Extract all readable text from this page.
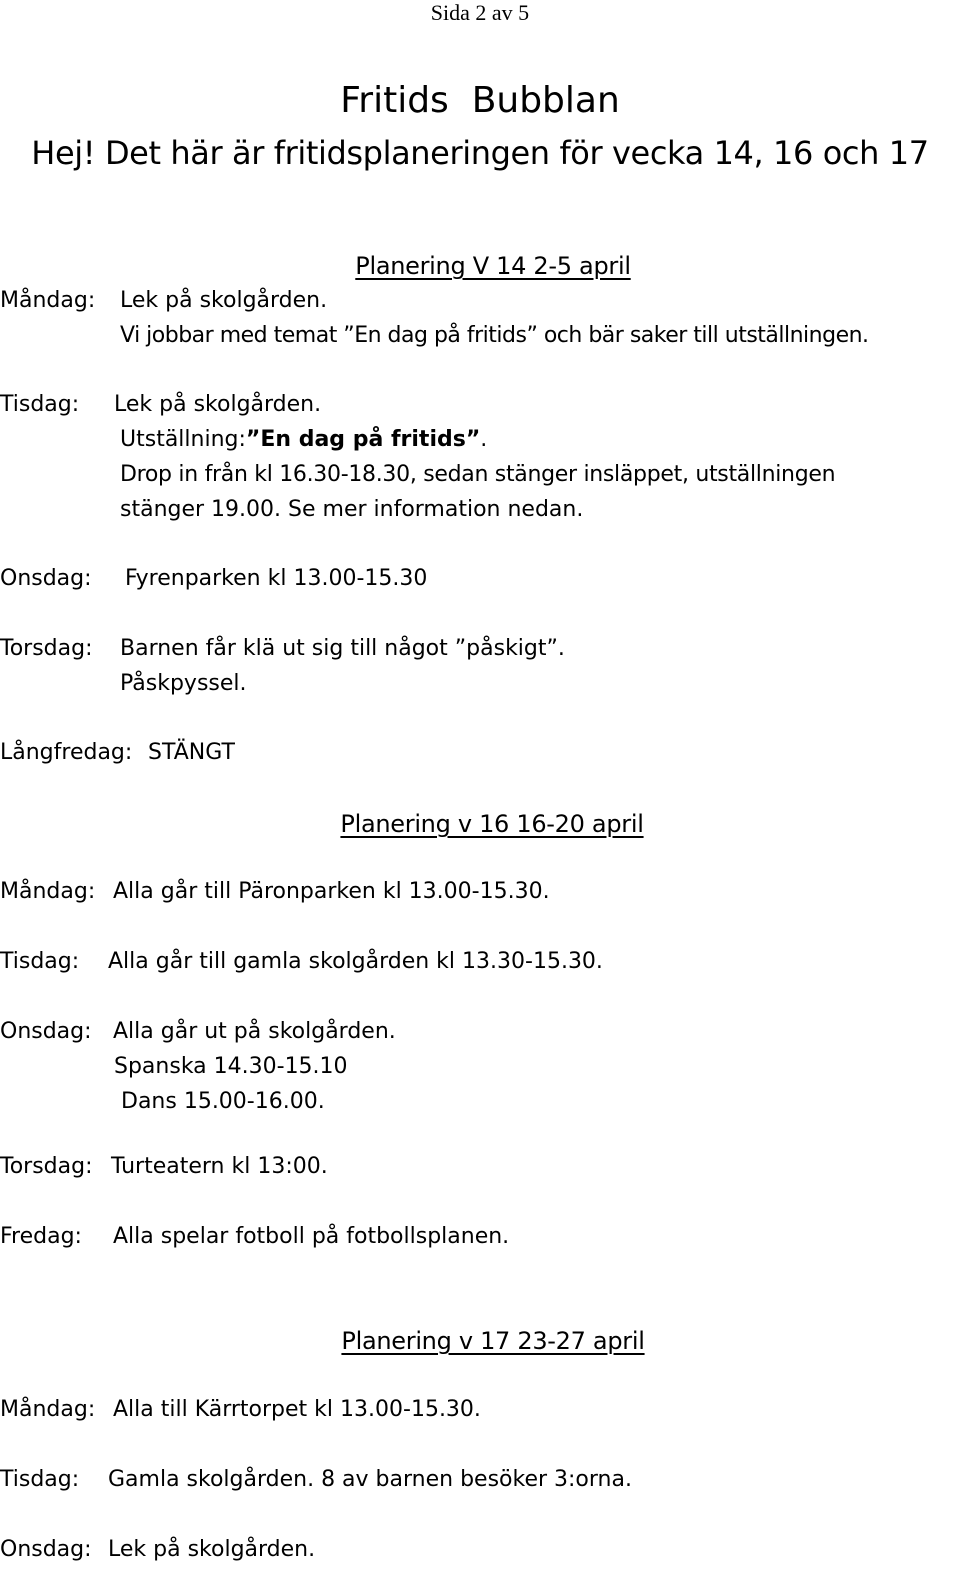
Sida 2 av 5
Fritids  Bubblan
Hej! Det här är fritidsplaneringen för vecka 14, 16 och 17
Planering V 14 2-5 april
Måndag: Lek på skolgården.
Vi jobbar med temat ”En dag på fritids” och bär saker till utställningen.
Tisdag: Lek på skolgården.
Utställning:”En dag på fritids”.
Drop in från kl 16.30-18.30, sedan stänger insläppet, utställningen
stänger 19.00. Se mer information nedan.
Onsdag: Fyrenparken kl 13.00-15.30
Torsdag: Barnen får klä ut sig till något ”påskigt”.
Påskpyssel.
Långfredag: STÄNGT
Planering v 16 16-20 april
Måndag: Alla går till Päronparken kl 13.00-15.30.
Tisdag: Alla går till gamla skolgården kl 13.30-15.30.
Onsdag: Alla går ut på skolgården.
Spanska 14.30-15.10
Dans 15.00-16.00.
Torsdag: Turteatern kl 13:00.
Fredag: Alla spelar fotboll på fotbollsplanen.
Planering v 17 23-27 april
Måndag: Alla till Kärrtorpet kl 13.00-15.30.
Tisdag: Gamla skolgården. 8 av barnen besöker 3:orna.
Onsdag: Lek på skolgården.
